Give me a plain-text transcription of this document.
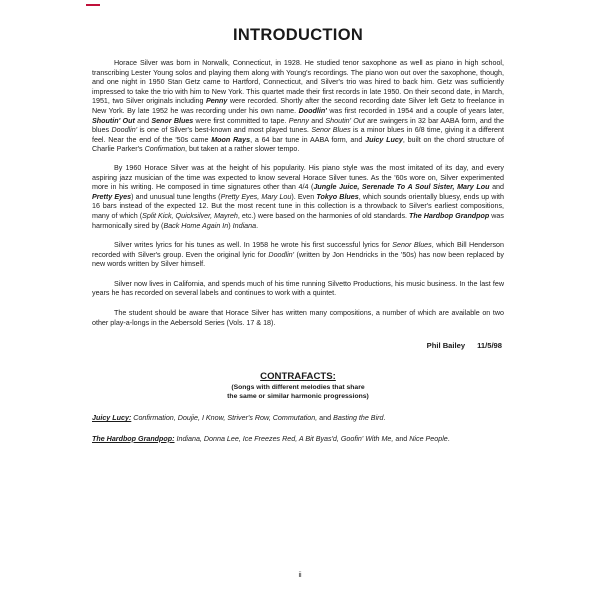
INTRODUCTION

Horace Silver was born in Norwalk, Connecticut, in 1928. He studied tenor saxophone as well as piano in high school, transcribing Lester Young solos and playing them along with Young's recordings. The piano won out over the saxophone, though, and one night in 1950 Stan Getz came to Hartford, Connecticut, and Silver's trio was hired to back him. Getz was sufficiently impressed to take the trio with him to New York. This quartet made their first records in late 1950. On their second date, in March, 1951, two Silver originals including Penny were recorded. Shortly after the second recording date Silver left Getz to freelance in New York. By late 1952 he was recording under his own name. Doodlin' was first recorded in 1954 and a couple of years later, Shoutin' Out and Senor Blues were first committed to tape. Penny and Shoutin' Out are swingers in 32 bar AABA form, and the blues Doodlin' is one of Silver's best-known and most played tunes. Senor Blues is a minor blues in 6/8 time, giving it a different feel. Near the end of the '50s came Moon Rays, a 64 bar tune in AABA form, and Juicy Lucy, built on the chord structure of Charlie Parker's Confirmation, but taken at a rather slower tempo.

By 1960 Horace Silver was at the height of his popularity. His piano style was the most imitated of its day, and every aspiring jazz musician of the time was expected to know several Horace Silver tunes. As the '60s wore on, Silver experimented more in his writing. He composed in time signatures other than 4/4 (Jungle Juice, Serenade To A Soul Sister, Mary Lou and Pretty Eyes) and unusual tune lengths (Pretty Eyes, Mary Lou). Even Tokyo Blues, which sounds orientally bluesy, ends up with 16 bars instead of the expected 12. But the most recent tune in this collection is a throwback to Silver's earliest compositions, many of which (Split Kick, Quicksilver, Mayreh, etc.) were based on the harmonies of old standards. The Hardbop Grandpop was harmonically sired by (Back Home Again In) Indiana.

Silver writes lyrics for his tunes as well. In 1958 he wrote his first successful lyrics for Senor Blues, which Bill Henderson recorded with Silver's group. Even the original lyric for Doodlin' (written by Jon Hendricks in the '50s) has now been replaced by new words written by Silver himself.

Silver now lives in California, and spends much of his time running Silvetto Productions, his music business. In the last few years he has recorded on several labels and continues to work with a quintet.

The student should be aware that Horace Silver has written many compositions, a number of which are available on two other play-a-longs in the Aebersold Series (Vols. 17 & 18).

Phil Bailey 11/5/98
CONTRAFACTS:
(Songs with different melodies that share
the same or similar harmonic progressions)

Juicy Lucy: Confirmation, Doujie, I Know, Striver's Row, Commutation, and Basting the Bird.

The Hardbop Grandpop: Indiana, Donna Lee, Ice Freezes Red, A Bit Byas'd, Goofin' With Me, and Nice People.

ii
